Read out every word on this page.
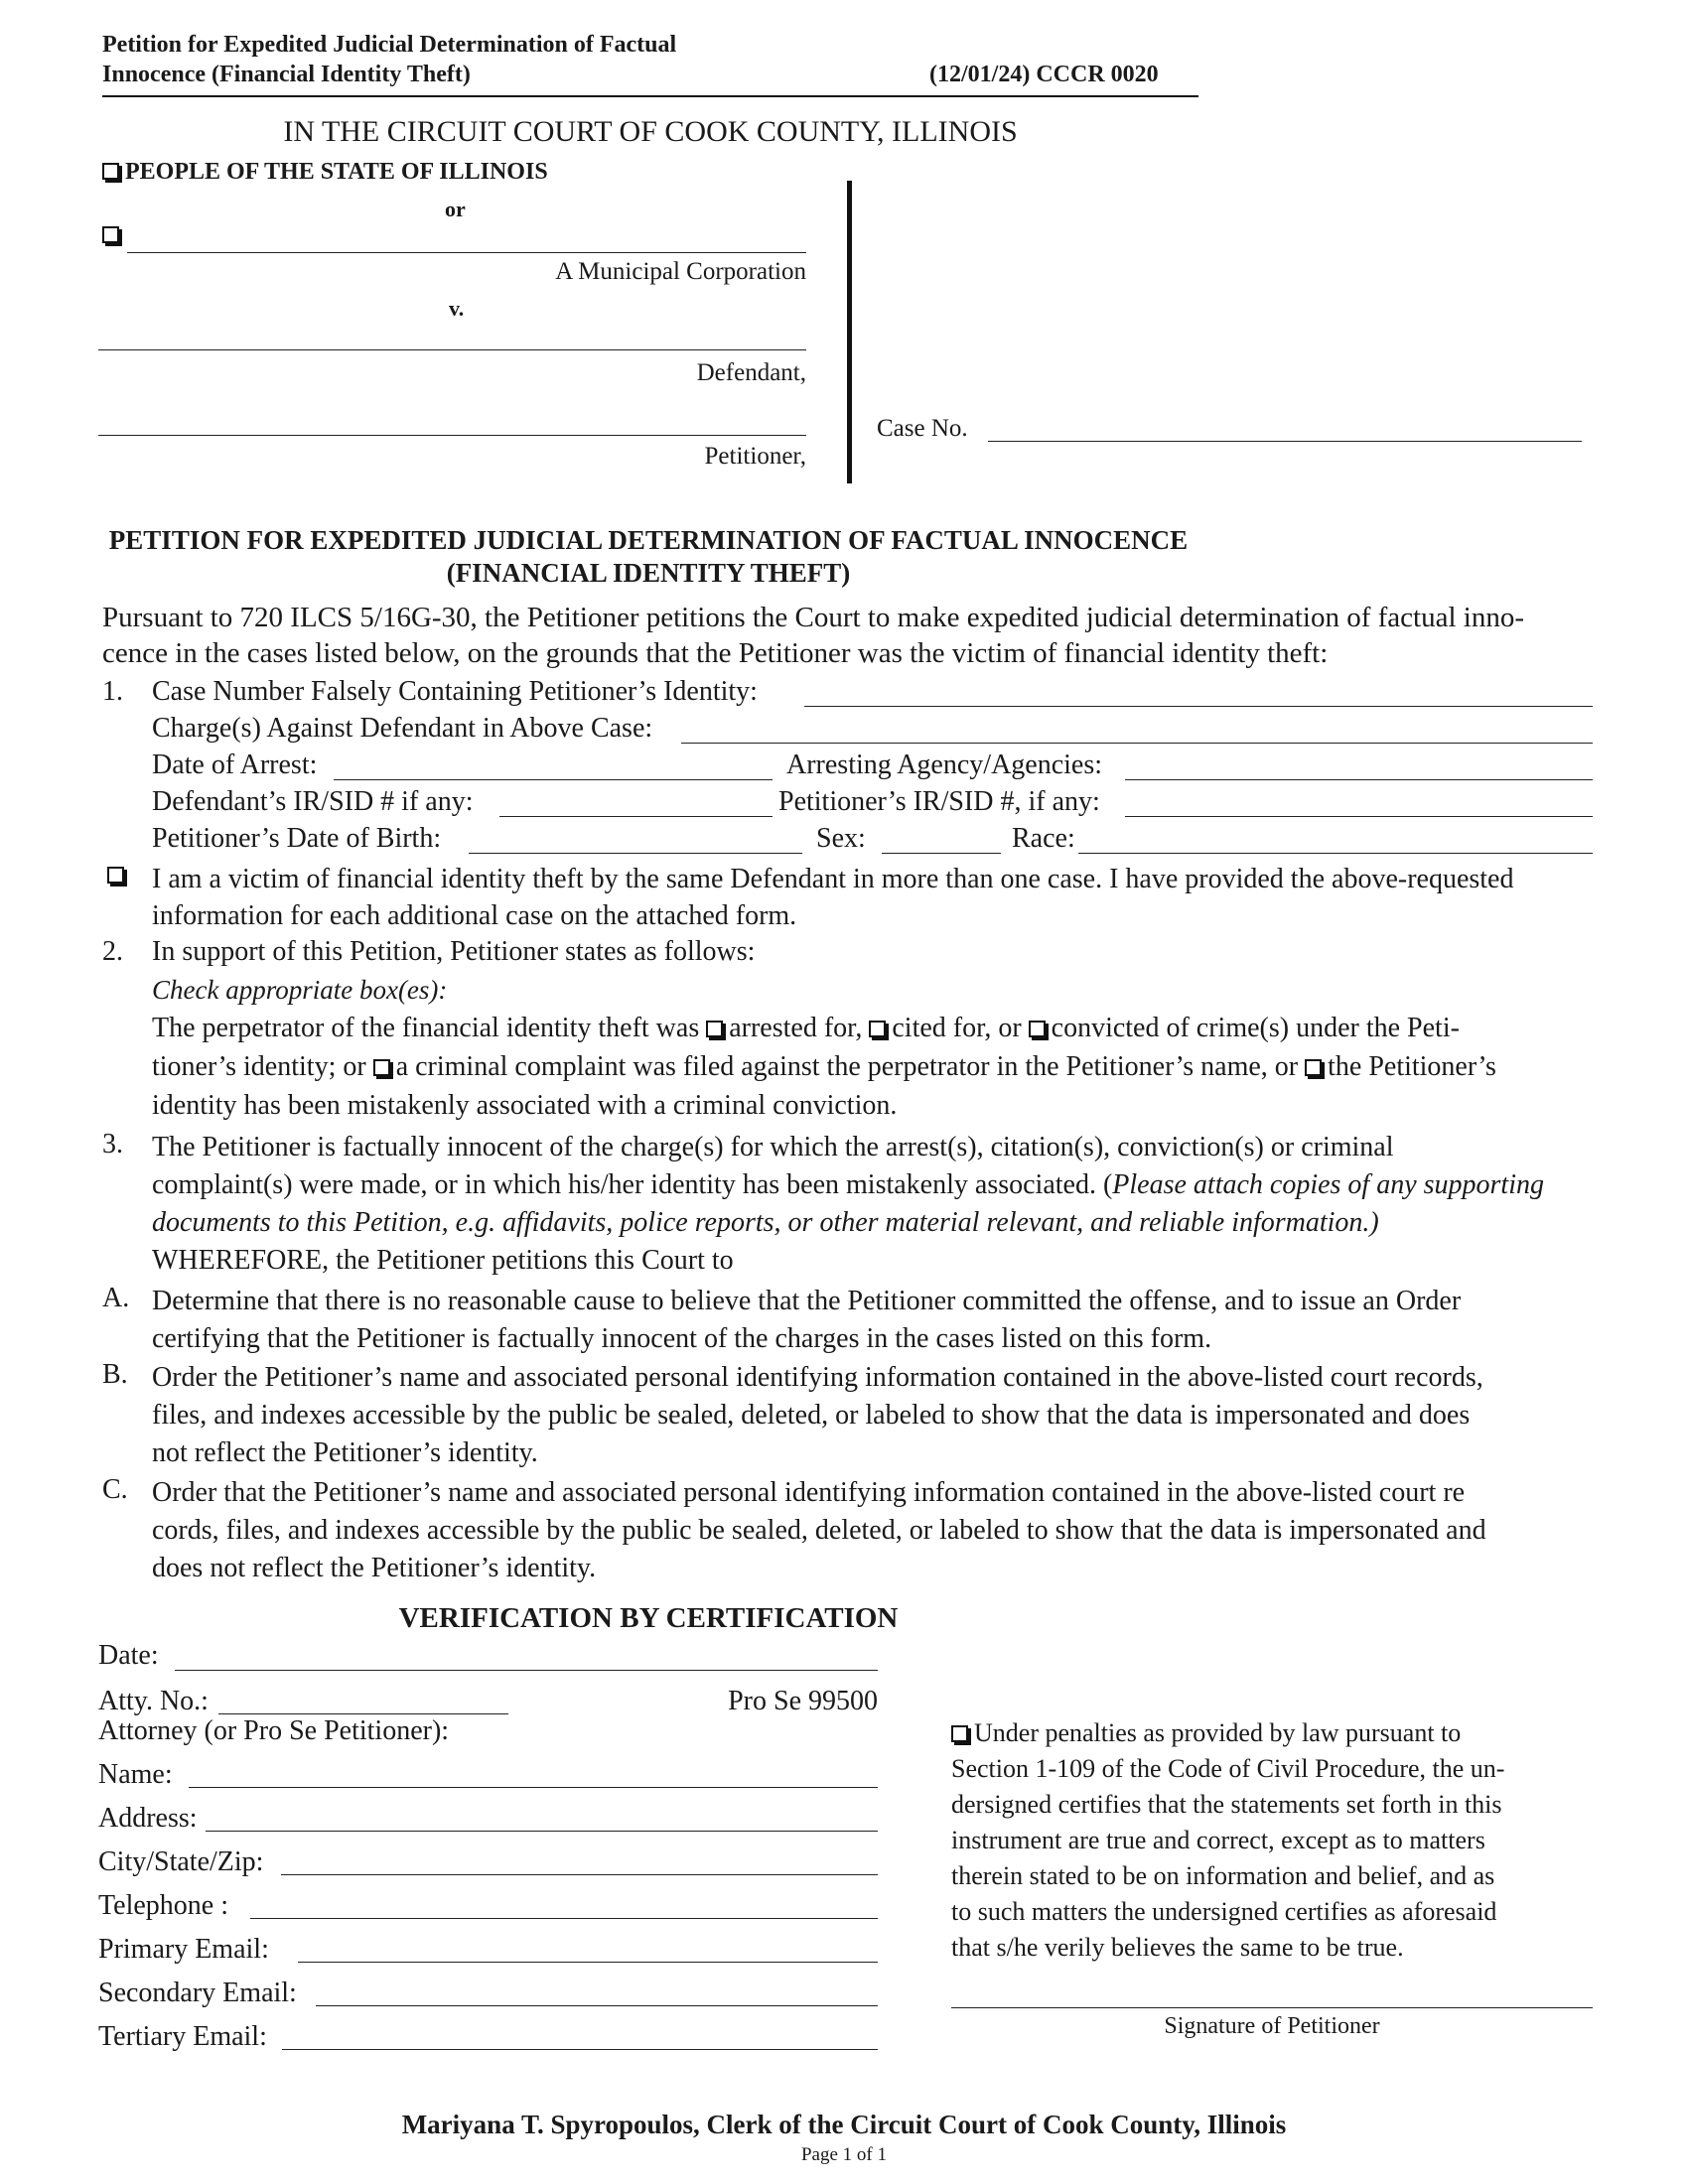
Petition for Expedited Judicial Determination of Factual
Innocence (Financial Identity Theft)	(12/01/24) CCCR 0020
IN THE CIRCUIT COURT OF COOK COUNTY, ILLINOIS
PEOPLE OF THE STATE OF ILLINOIS
or
A Municipal Corporation
v.
Defendant,
Petitioner,
Case No.
PETITION FOR EXPEDITED JUDICIAL DETERMINATION OF FACTUAL INNOCENCE
(FINANCIAL IDENTITY THEFT)
Pursuant to 720 ILCS 5/16G-30, the Petitioner petitions the Court to make expedited judicial determination of factual inno-
cence in the cases listed below, on the grounds that the Petitioner was the victim of financial identity theft:
1. Case Number Falsely Containing Petitioner’s Identity:
Charge(s) Against Defendant in Above Case:
Date of Arrest:	Arresting Agency/Agencies:
Defendant’s IR/SID # if any:	Petitioner’s IR/SID #, if any:
Petitioner’s Date of Birth:	Sex:	Race:
I am a victim of financial identity theft by the same Defendant in more than one case. I have provided the above-requested
information for each additional case on the attached form.
2. In support of this Petition, Petitioner states as follows:
Check appropriate box(es):
The perpetrator of the financial identity theft was arrested for, cited for, or convicted of crime(s) under the Peti-
tioner’s identity; or a criminal complaint was filed against the perpetrator in the Petitioner’s name, or the Petitioner’s
identity has been mistakenly associated with a criminal conviction.
3. The Petitioner is factually innocent of the charge(s) for which the arrest(s), citation(s), conviction(s) or criminal
complaint(s) were made, or in which his/her identity has been mistakenly associated. (Please attach copies of any supporting
documents to this Petition, e.g. affidavits, police reports, or other material relevant, and reliable information.)
WHEREFORE, the Petitioner petitions this Court to
A. Determine that there is no reasonable cause to believe that the Petitioner committed the offense, and to issue an Order
certifying that the Petitioner is factually innocent of the charges in the cases listed on this form.
B. Order the Petitioner’s name and associated personal identifying information contained in the above-listed court records,
files, and indexes accessible by the public be sealed, deleted, or labeled to show that the data is impersonated and does
not reflect the Petitioner’s identity.
C. Order that the Petitioner’s name and associated personal identifying information contained in the above-listed court re
cords, files, and indexes accessible by the public be sealed, deleted, or labeled to show that the data is impersonated and
does not reflect the Petitioner’s identity.
VERIFICATION BY CERTIFICATION
Date:
Atty. No.:	Pro Se 99500
Attorney (or Pro Se Petitioner):
Name:
Address:
City/State/Zip:
Telephone :
Primary Email:
Secondary Email:
Tertiary Email:
Under penalties as provided by law pursuant to
Section 1-109 of the Code of Civil Procedure, the un-
dersigned certifies that the statements set forth in this
instrument are true and correct, except as to matters
therein stated to be on information and belief, and as
to such matters the undersigned certifies as aforesaid
that s/he verily believes the same to be true.
Signature of Petitioner
Mariyana T. Spyropoulos, Clerk of the Circuit Court of Cook County, Illinois
Page 1 of 1
